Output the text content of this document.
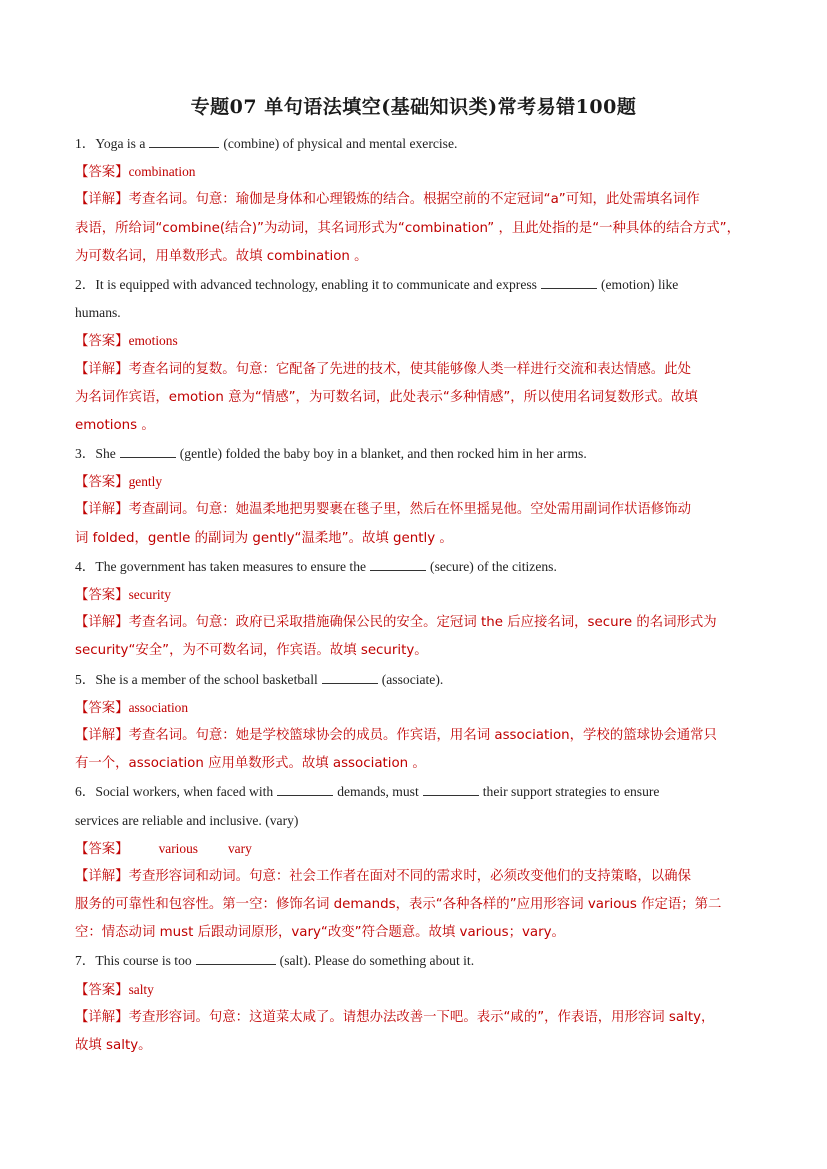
专题07 单句语法填空(基础知识类)常考易错100题
1．Yoga is a	(combine) of physical and mental exercise.
【答案】combination
【详解】考查名词。句意：瑜伽是身体和心理锻炼的结合。根据空前的不定冠词“a”可知，此处需填名词作
表语，所给词“combine(结合)”为动词，其名词形式为“combination” ，且此处指的是“一种具体的结合方式”，
为可数名词，用单数形式。故填 combination 。
2．It is equipped with advanced technology, enabling it to communicate and express	(emotion) like
humans.
【答案】emotions
【详解】考查名词的复数。句意：它配备了先进的技术，使其能够像人类一样进行交流和表达情感。此处
为名词作宾语，emotion 意为“情感”，为可数名词，此处表示“多种情感”，所以使用名词复数形式。故填
emotions 。
3．She	(gentle) folded the baby boy in a blanket, and then rocked him in her arms.
【答案】gently
【详解】考查副词。句意：她温柔地把男婴裹在毯子里，然后在怀里摇晃他。空处需用副词作状语修饰动
词 folded，gentle 的副词为 gently“温柔地”。故填 gently 。
4．The government has taken measures to ensure the	(secure) of the citizens.
【答案】security
【详解】考查名词。句意：政府已采取措施确保公民的安全。定冠词 the 后应接名词，secure 的名词形式为
security“安全”，为不可数名词，作宾语。故填 security。
5．She is a member of the school basketball	(associate).
【答案】association
【详解】考查名词。句意：她是学校篮球协会的成员。作宾语，用名词 association，学校的篮球协会通常只
有一个，association 应用单数形式。故填 association 。
6．Social workers, when faced with	demands, must	their support strategies to ensure
services are reliable and inclusive. (vary)
【答案】 various vary
【详解】考查形容词和动词。句意：社会工作者在面对不同的需求时，必须改变他们的支持策略，以确保
服务的可靠性和包容性。第一空：修饰名词 demands，表示“各种各样的”应用形容词 various 作定语；第二
空：情态动词 must 后跟动词原形，vary“改变”符合题意。故填 various；vary。
7．This course is too	(salt). Please do something about it.
【答案】salty
【详解】考查形容词。句意：这道菜太咸了。请想办法改善一下吧。表示“咸的”，作表语，用形容词 salty，
故填 salty。
